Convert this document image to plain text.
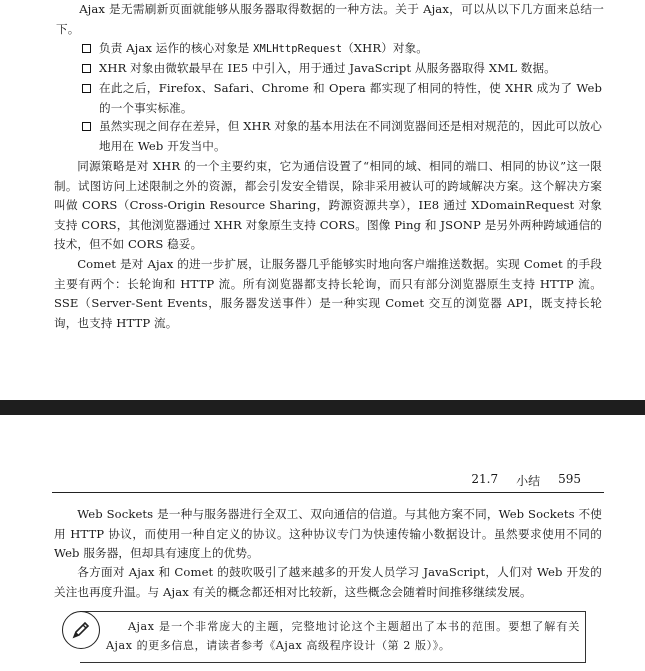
Ajax 是无需刷新页面就能够从服务器取得数据的一种方法。关于 Ajax，可以从以下几方面来总结一下。

负责 Ajax 运作的核心对象是 XMLHttpRequest（XHR）对象。

XHR 对象由微软最早在 IE5 中引入，用于通过 JavaScript 从服务器取得 XML 数据。

在此之后，Firefox、Safari、Chrome 和 Opera 都实现了相同的特性，使 XHR 成为了 Web 的一个事实标准。

虽然实现之间存在差异，但 XHR 对象的基本用法在不同浏览器间还是相对规范的，因此可以放心地用在 Web 开发当中。

同源策略是对 XHR 的一个主要约束，它为通信设置了“相同的域、相同的端口、相同的协议”这一限制。试图访问上述限制之外的资源，都会引发安全错误，除非采用被认可的跨域解决方案。这个解决方案叫做 CORS（Cross-Origin Resource Sharing，跨源资源共享），IE8 通过 XDomainRequest 对象支持 CORS，其他浏览器通过 XHR 对象原生支持 CORS。图像 Ping 和 JSONP 是另外两种跨域通信的技术，但不如 CORS 稳妥。

Comet 是对 Ajax 的进一步扩展，让服务器几乎能够实时地向客户端推送数据。实现 Comet 的手段主要有两个：长轮询和 HTTP 流。所有浏览器都支持长轮询，而只有部分浏览器原生支持 HTTP 流。SSE（Server-Sent Events，服务器发送事件）是一种实现 Comet 交互的浏览器 API，既支持长轮询，也支持 HTTP 流。

21.7 小结 595

Web Sockets 是一种与服务器进行全双工、双向通信的信道。与其他方案不同，Web Sockets 不使用 HTTP 协议，而使用一种自定义的协议。这种协议专门为快速传输小数据设计。虽然要求使用不同的 Web 服务器，但却具有速度上的优势。

各方面对 Ajax 和 Comet 的鼓吹吸引了越来越多的开发人员学习 JavaScript，人们对 Web 开发的关注也再度升温。与 Ajax 有关的概念都还相对比较新，这些概念会随着时间推移继续发展。

Ajax 是一个非常庞大的主题，完整地讨论这个主题超出了本书的范围。要想了解有关 Ajax 的更多信息，请读者参考《Ajax 高级程序设计（第 2 版）》。
